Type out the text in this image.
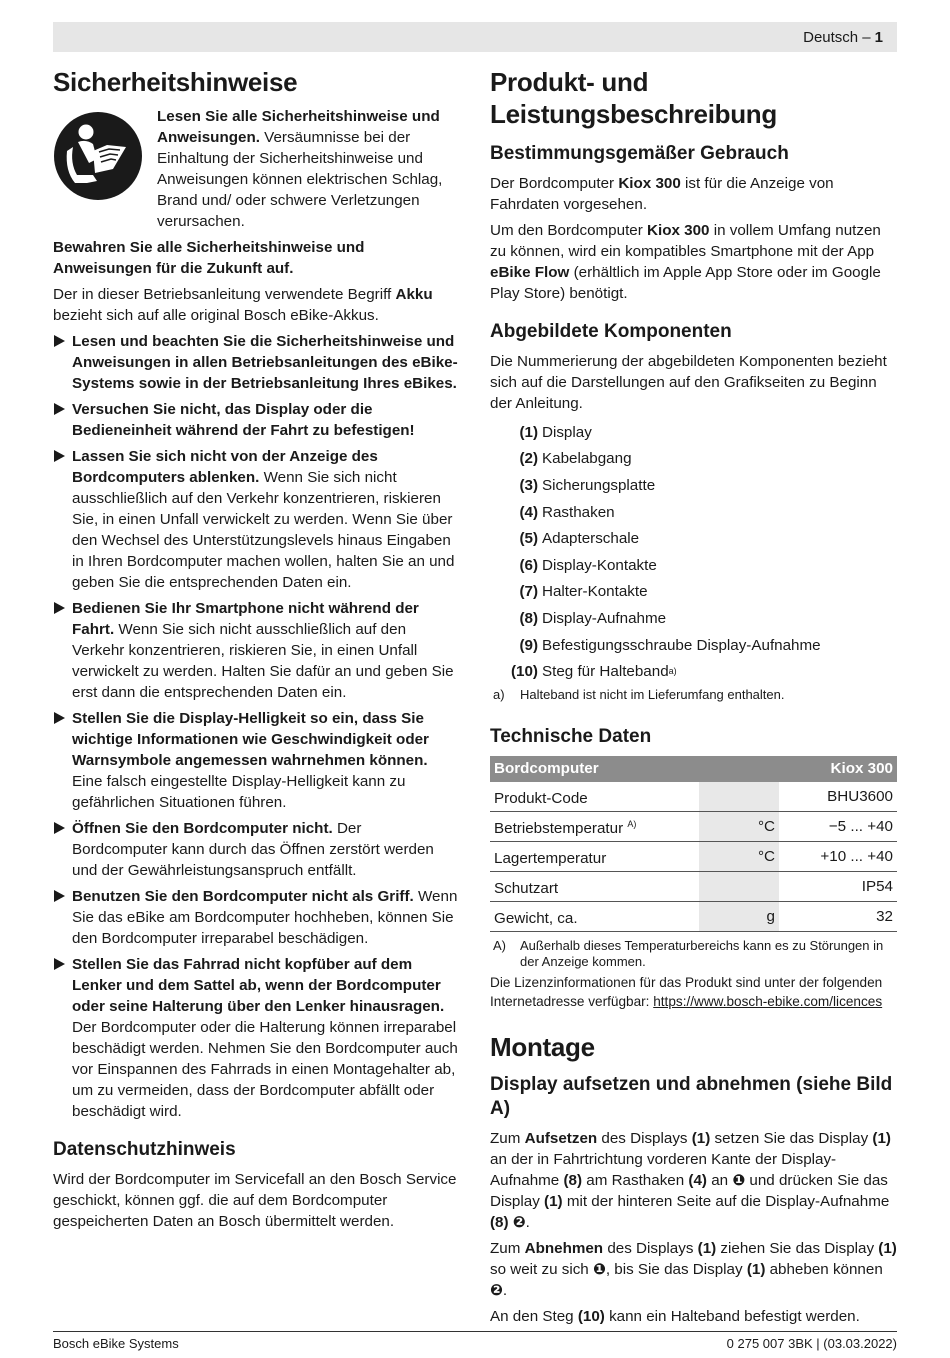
Deutsch – 1
Sicherheitshinweise
Lesen Sie alle Sicherheitshinweise und Anweisungen. Versäumnisse bei der Einhaltung der Sicherheitshinweise und Anweisungen können elektrischen Schlag, Brand und/ oder schwere Verletzungen verursachen.

Bewahren Sie alle Sicherheitshinweise und Anweisungen für die Zukunft auf.

Der in dieser Betriebsanleitung verwendete Begriff Akku bezieht sich auf alle original Bosch eBike-Akkus.

Lesen und beachten Sie die Sicherheitshinweise und Anweisungen in allen Betriebsanleitungen des eBike-Systems sowie in der Betriebsanleitung Ihres eBikes.
Versuchen Sie nicht, das Display oder die Bedieneinheit während der Fahrt zu befestigen!
Lassen Sie sich nicht von der Anzeige des Bordcomputers ablenken. Wenn Sie sich nicht ausschließlich auf den Verkehr konzentrieren, riskieren Sie, in einen Unfall verwickelt zu werden. Wenn Sie über den Wechsel des Unterstützungslevels hinaus Eingaben in Ihren Bordcomputer machen wollen, halten Sie an und geben Sie die entsprechenden Daten ein.
Bedienen Sie Ihr Smartphone nicht während der Fahrt. Wenn Sie sich nicht ausschließlich auf den Verkehr konzentrieren, riskieren Sie, in einen Unfall verwickelt zu werden. Halten Sie dafür an und geben Sie erst dann die entsprechenden Daten ein.
Stellen Sie die Display-Helligkeit so ein, dass Sie wichtige Informationen wie Geschwindigkeit oder Warnsymbole angemessen wahrnehmen können. Eine falsch eingestellte Display-Helligkeit kann zu gefährlichen Situationen führen.
Öffnen Sie den Bordcomputer nicht. Der Bordcomputer kann durch das Öffnen zerstört werden und der Gewährleistungsanspruch entfällt.
Benutzen Sie den Bordcomputer nicht als Griff. Wenn Sie das eBike am Bordcomputer hochheben, können Sie den Bordcomputer irreparabel beschädigen.
Stellen Sie das Fahrrad nicht kopfüber auf dem Lenker und dem Sattel ab, wenn der Bordcomputer oder seine Halterung über den Lenker hinausragen. Der Bordcomputer oder die Halterung können irreparabel beschädigt werden. Nehmen Sie den Bordcomputer auch vor Einspannen des Fahrrads in einen Montagehalter ab, um zu vermeiden, dass der Bordcomputer abfällt oder beschädigt wird.
Datenschutzhinweis

Wird der Bordcomputer im Servicefall an den Bosch Service geschickt, können ggf. die auf dem Bordcomputer gespeicherten Daten an Bosch übermittelt werden.

Produkt- und Leistungsbeschreibung
Bestimmungsgemäßer Gebrauch

Der Bordcomputer Kiox 300 ist für die Anzeige von Fahrdaten vorgesehen.

Um den Bordcomputer Kiox 300 in vollem Umfang nutzen zu können, wird ein kompatibles Smartphone mit der App eBike Flow (erhältlich im Apple App Store oder im Google Play Store) benötigt.

Abgebildete Komponenten

Die Nummerierung der abgebildeten Komponenten bezieht sich auf die Darstellungen auf den Grafikseiten zu Beginn der Anleitung.

(1) Display
(2) Kabelabgang
(3) Sicherungsplatte
(4) Rasthaken
(5) Adapterschale
(6) Display-Kontakte
(7) Halter-Kontakte
(8) Display-Aufnahme
(9) Befestigungsschraube Display-Aufnahme
(10) Steg für Halteband a)
a)	Halteband ist nicht im Lieferumfang enthalten.
Technische Daten
Bordcomputer		Kiox 300
Produkt-Code		BHU3600
Betriebstemperatur $^{A)}$	°C	−5 ... +40
Lagertemperatur	°C	+10 ... +40
Schutzart		IP54
Gewicht, ca.	g	32
A)	Außerhalb dieses Temperaturbereichs kann es zu Störungen in der Anzeige kommen.

Die Lizenzinformationen für das Produkt sind unter der folgenden Internetadresse verfügbar: https://www.bosch-ebike.com/licences

Montage
Display aufsetzen und abnehmen (siehe Bild A)

Zum Aufsetzen des Displays (1) setzen Sie das Display (1) an der in Fahrtrichtung vorderen Kante der Display-Aufnahme (8) am Rasthaken (4) an ❶ und drücken Sie das Display (1) mit der hinteren Seite auf die Display-Aufnahme (8) ❷.

Zum Abnehmen des Displays (1) ziehen Sie das Display (1) so weit zu sich ❶, bis Sie das Display (1) abheben können ❷.

An den Steg (10) kann ein Halteband befestigt werden.

Bosch eBike Systems	0 275 007 3BK | (03.03.2022)
